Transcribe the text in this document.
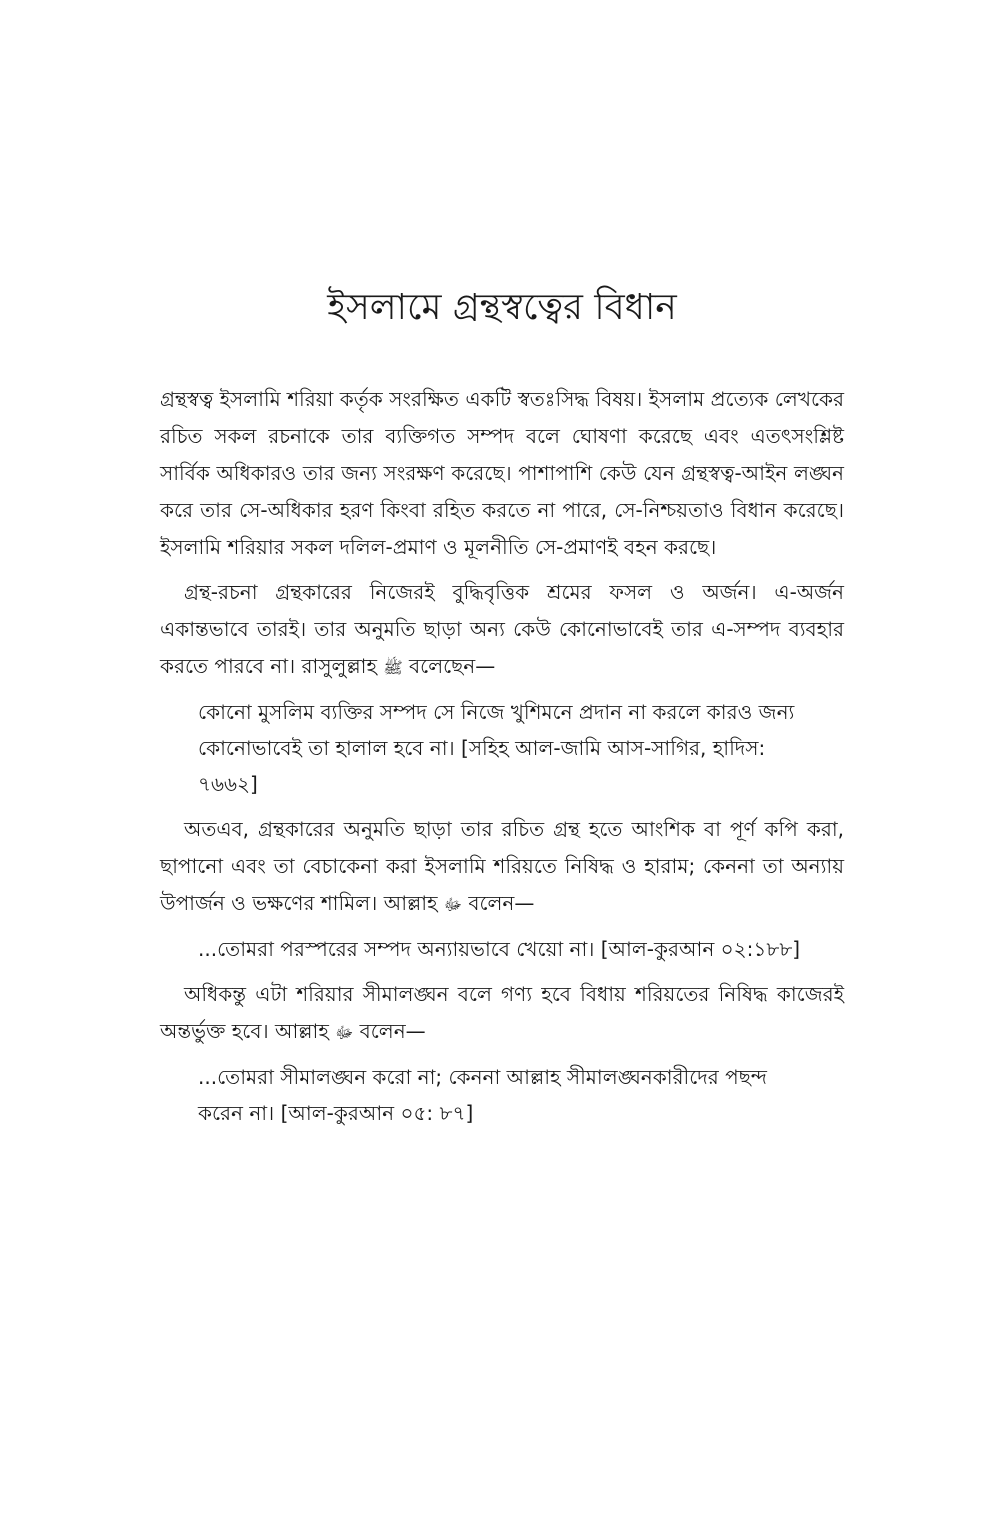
ইসলামে গ্রন্থস্বত্বের বিধান

গ্রন্থস্বত্ব ইসলামি শরিয়া কর্তৃক সংরক্ষিত একটি স্বতঃসিদ্ধ বিষয়। ইসলাম প্রত্যেক লেখকের রচিত সকল রচনাকে তার ব্যক্তিগত সম্পদ বলে ঘোষণা করেছে এবং এতৎসংশ্লিষ্ট সার্বিক অধিকারও তার জন্য সংরক্ষণ করেছে। পাশাপাশি কেউ যেন গ্রন্থস্বত্ব-আইন লঙ্ঘন করে তার সে-অধিকার হরণ কিংবা রহিত করতে না পারে, সে-নিশ্চয়তাও বিধান করেছে। ইসলামি শরিয়ার সকল দলিল-প্রমাণ ও মূলনীতি সে-প্রমাণই বহন করছে।

গ্রন্থ-রচনা গ্রন্থকারের নিজেরই বুদ্ধিবৃত্তিক শ্রমের ফসল ও অর্জন। এ-অর্জন একান্তভাবে তারই। তার অনুমতি ছাড়া অন্য কেউ কোনোভাবেই তার এ-সম্পদ ব্যবহার করতে পারবে না। রাসুলুল্লাহ ﷺ বলেছেন—

কোনো মুসলিম ব্যক্তির সম্পদ সে নিজে খুশিমনে প্রদান না করলে কারও জন্য কোনোভাবেই তা হালাল হবে না। [সহিহ আল-জামি আস-সাগির, হাদিস: ৭৬৬২]

অতএব, গ্রন্থকারের অনুমতি ছাড়া তার রচিত গ্রন্থ হতে আংশিক বা পূর্ণ কপি করা, ছাপানো এবং তা বেচাকেনা করা ইসলামি শরিয়তে নিষিদ্ধ ও হারাম; কেননা তা অন্যায় উপার্জন ও ভক্ষণের শামিল। আল্লাহ ﷻ বলেন—

...তোমরা পরস্পরের সম্পদ অন্যায়ভাবে খেয়ো না। [আল-কুরআন ০২:১৮৮]

অধিকন্তু এটা শরিয়ার সীমালঙ্ঘন বলে গণ্য হবে বিধায় শরিয়তের নিষিদ্ধ কাজেরই অন্তর্ভুক্ত হবে। আল্লাহ ﷻ বলেন—

...তোমরা সীমালঙ্ঘন করো না; কেননা আল্লাহ সীমালঙ্ঘনকারীদের পছন্দ করেন না। [আল-কুরআন ০৫: ৮৭]
